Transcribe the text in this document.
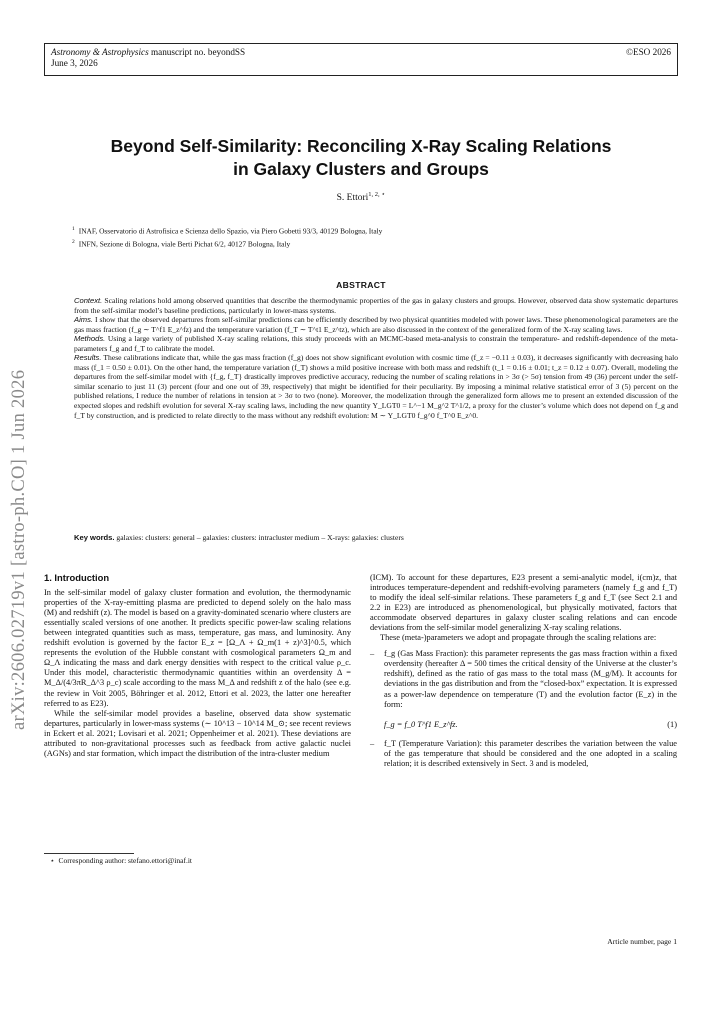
arXiv:2606.02719v1 [astro-ph.CO] 1 Jun 2026
Astronomy & Astrophysics manuscript no. beyondSS
June 3, 2026
©ESO 2026
Beyond Self-Similarity: Reconciling X-Ray Scaling Relations
in Galaxy Clusters and Groups
S. Ettori$^{1, 2, ⋆}$
$^1$ INAF, Osservatorio di Astrofisica e Scienza dello Spazio, via Piero Gobetti 93/3, 40129 Bologna, Italy
$^2$ INFN, Sezione di Bologna, viale Berti Pichat 6/2, 40127 Bologna, Italy
ABSTRACT

Context. Scaling relations hold among observed quantities that describe the thermodynamic properties of the gas in galaxy clusters and groups. However, observed data show systematic departures from the self-similar model’s baseline predictions, particularly in lower-mass systems.

Aims. I show that the observed departures from self-similar predictions can be efficiently described by two physical quantities modeled with power laws. These phenomenological parameters are the gas mass fraction (f_g ∼ T^f1 E_z^fz) and the temperature variation (f_T ∼ T^t1 E_z^tz), which are also discussed in the context of the generalized form of the X-ray scaling laws.

Methods. Using a large variety of published X-ray scaling relations, this study proceeds with an MCMC-based meta-analysis to constrain the temperature- and redshift-dependence of the meta-parameters f_g and f_T to calibrate the model.

Results. These calibrations indicate that, while the gas mass fraction (f_g) does not show significant evolution with cosmic time (f_z = −0.11 ± 0.03), it decreases significantly with decreasing halo mass (f_1 = 0.50 ± 0.01). On the other hand, the temperature variation (f_T) shows a mild positive increase with both mass and redshift (t_1 = 0.16 ± 0.01; t_z = 0.12 ± 0.07). Overall, modeling the departures from the self-similar model with {f_g, f_T} drastically improves predictive accuracy, reducing the number of scaling relations in > 3σ (> 5σ) tension from 49 (36) percent under the self-similar scenario to just 11 (3) percent (four and one out of 39, respectively) that might be identified for their peculiarity. By imposing a minimal relative statistical error of 3 (5) percent on the published relations, I reduce the number of relations in tension at > 3σ to two (none). Moreover, the modelization through the generalized form allows me to present an extended discussion of the expected slopes and redshift evolution for several X-ray scaling laws, including the new quantity Y_LGT0 = L^−1 M_g^2 T^1/2, a proxy for the cluster’s volume which does not depend on f_g and f_T by construction, and is predicted to relate directly to the mass without any redshift evolution: M ∼ Y_LGT0 f_g^0 f_T^0 E_z^0.

Key words. galaxies: clusters: general – galaxies: clusters: intracluster medium – X-rays: galaxies: clusters
1. Introduction

In the self-similar model of galaxy cluster formation and evolution, the thermodynamic properties of the X-ray-emitting plasma are predicted to depend solely on the halo mass (M) and redshift (z). The model is based on a gravity-dominated scenario where clusters are essentially scaled versions of one another. It predicts specific power-law scaling relations between integrated quantities such as mass, temperature, gas mass, and luminosity. Any redshift evolution is governed by the factor E_z = [Ω_Λ + Ω_m(1 + z)^3]^0.5, which represents the evolution of the Hubble constant with cosmological parameters Ω_m and Ω_Λ indicating the mass and dark energy densities with respect to the critical value ρ_c. Under this model, characteristic thermodynamic quantities within an overdensity Δ = M_Δ/(4/3πR_Δ^3 ρ_c) scale according to the mass M_Δ and redshift z of the halo (see e.g. the review in Voit 2005, Böhringer et al. 2012, Ettori et al. 2023, the latter one hereafter referred to as E23).

While the self-similar model provides a baseline, observed data show systematic departures, particularly in lower-mass systems (∼ 10^13 − 10^14 M_⊙; see recent reviews in Eckert et al. 2021; Lovisari et al. 2021; Oppenheimer et al. 2021). These deviations are attributed to non-gravitational processes such as feedback from active galactic nuclei (AGNs) and star formation, which impact the distribution of the intra-cluster medium

(ICM). To account for these departures, E23 present a semi-analytic model, i(cm)z, that introduces temperature-dependent and redshift-evolving parameters (namely f_g and f_T) to modify the ideal self-similar relations. These parameters f_g and f_T (see Sect 2.1 and 2.2 in E23) are introduced as phenomenological, but physically motivated, factors that accommodate observed departures in galaxy cluster scaling relations and can encode deviations from the self-similar model generalizing X-ray scaling relations.

These (meta-)parameters we adopt and propagate through the scaling relations are:

– f_g (Gas Mass Fraction): this parameter represents the gas mass fraction within a fixed overdensity (hereafter Δ = 500 times the critical density of the Universe at the cluster’s redshift), defined as the ratio of gas mass to the total mass (M_g/M). It accounts for deviations in the gas distribution and from the “closed-box” expectation. It is expressed as a power-law dependence on temperature (T) and the evolution factor (E_z) in the form:
f_g = f_0 T^f1 E_z^fz.	(1)
– f_T (Temperature Variation): this parameter describes the variation between the value of the gas temperature that should be considered and the one adopted in a scaling relation; it is described extensively in Sect. 3 and is modeled,
⋆ Corresponding author: stefano.ettori@inaf.it
Article number, page 1
